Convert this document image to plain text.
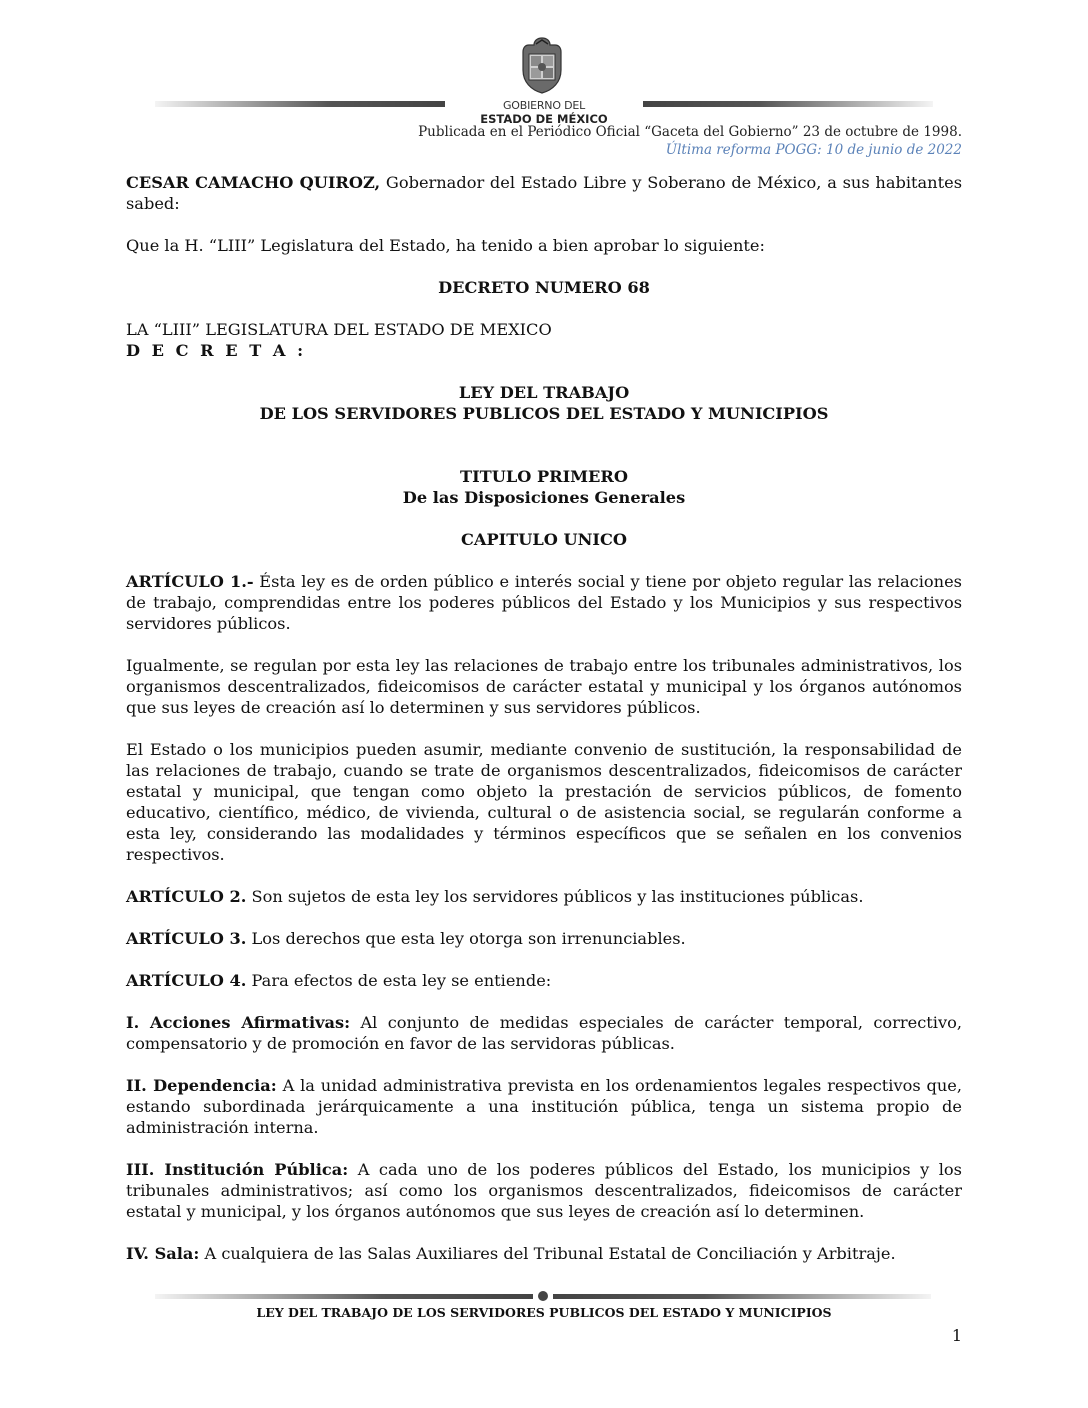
GOBIERNO DEL
ESTADO DE MÉXICO
Publicada en el Periódico Oficial “Gaceta del Gobierno” 23 de octubre de 1998.
Última reforma POGG: 10 de junio de 2022

CESAR CAMACHO QUIROZ, Gobernador del Estado Libre y Soberano de México, a sus habitantes sabed:

Que la H. “LIII” Legislatura del Estado, ha tenido a bien aprobar lo siguiente:

DECRETO NUMERO 68

LA “LIII” LEGISLATURA DEL ESTADO DE MEXICO

D E C R E T A :

LEY DEL TRABAJO

DE LOS SERVIDORES PUBLICOS DEL ESTADO Y MUNICIPIOS

TITULO PRIMERO

De las Disposiciones Generales

CAPITULO UNICO

ARTÍCULO 1.- Ésta ley es de orden público e interés social y tiene por objeto regular las relaciones de trabajo, comprendidas entre los poderes públicos del Estado y los Municipios y sus respectivos servidores públicos.

Igualmente, se regulan por esta ley las relaciones de trabajo entre los tribunales administrativos, los organismos descentralizados, fideicomisos de carácter estatal y municipal y los órganos autónomos que sus leyes de creación así lo determinen y sus servidores públicos.

El Estado o los municipios pueden asumir, mediante convenio de sustitución, la responsabilidad de las relaciones de trabajo, cuando se trate de organismos descentralizados, fideicomisos de carácter estatal y municipal, que tengan como objeto la prestación de servicios públicos, de fomento educativo, científico, médico, de vivienda, cultural o de asistencia social, se regularán conforme a esta ley, considerando las modalidades y términos específicos que se señalen en los convenios respectivos.

ARTÍCULO 2. Son sujetos de esta ley los servidores públicos y las instituciones públicas.

ARTÍCULO 3. Los derechos que esta ley otorga son irrenunciables.

ARTÍCULO 4. Para efectos de esta ley se entiende:

I. Acciones Afirmativas: Al conjunto de medidas especiales de carácter temporal, correctivo, compensatorio y de promoción en favor de las servidoras públicas.

II. Dependencia: A la unidad administrativa prevista en los ordenamientos legales respectivos que, estando subordinada jerárquicamente a una institución pública, tenga un sistema propio de administración interna.

III. Institución Pública: A cada uno de los poderes públicos del Estado, los municipios y los tribunales administrativos; así como los organismos descentralizados, fideicomisos de carácter estatal y municipal, y los órganos autónomos que sus leyes de creación así lo determinen.

IV. Sala: A cualquiera de las Salas Auxiliares del Tribunal Estatal de Conciliación y Arbitraje.

LEY DEL TRABAJO DE LOS SERVIDORES PUBLICOS DEL ESTADO Y MUNICIPIOS
1
